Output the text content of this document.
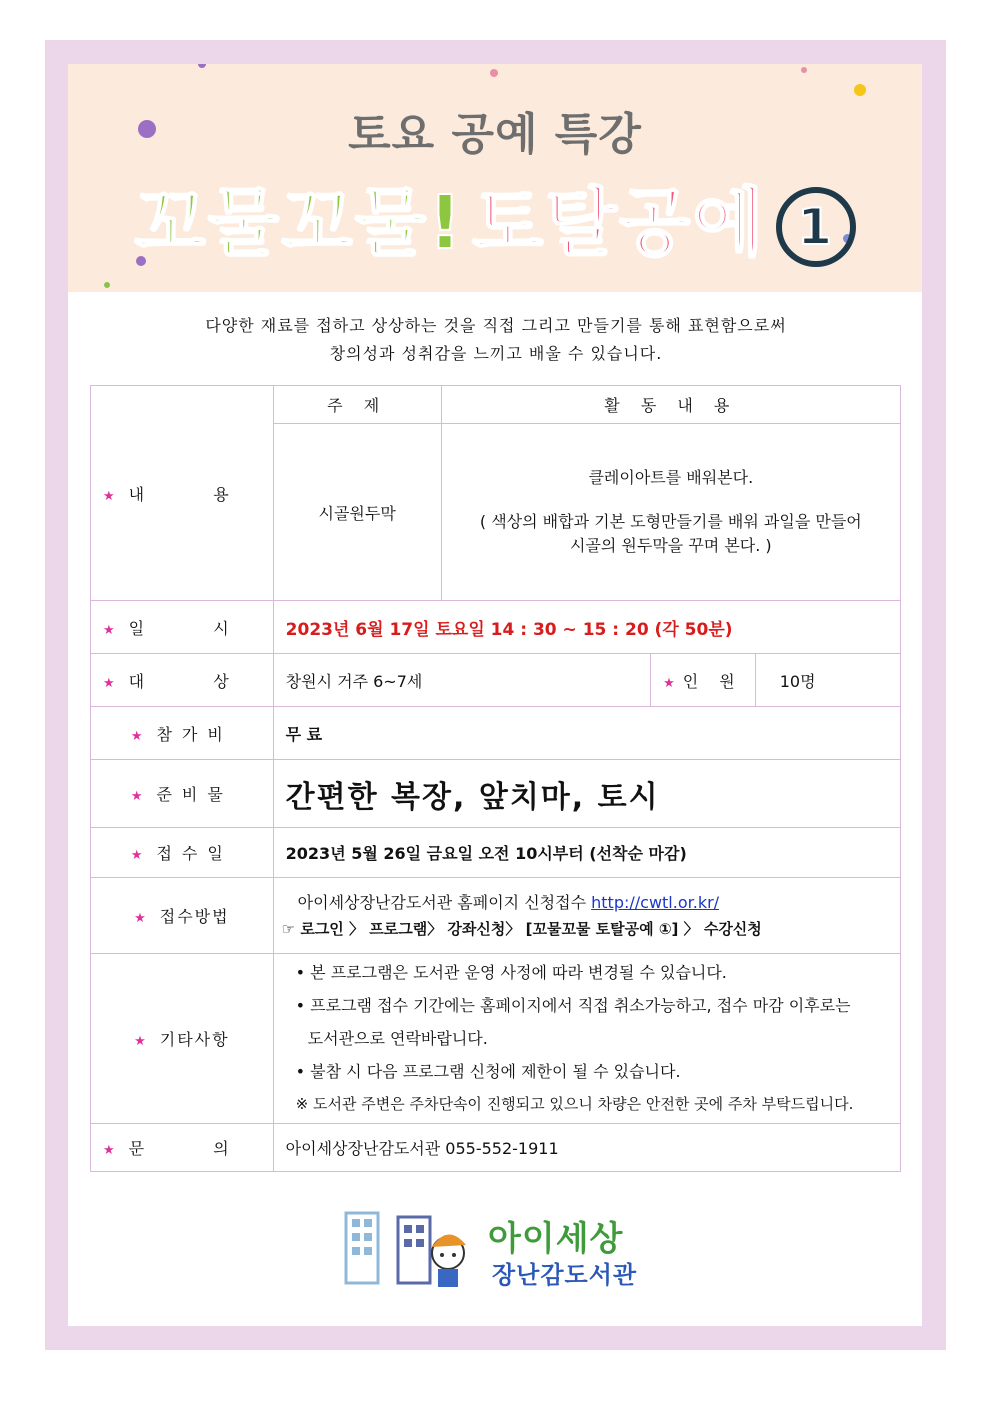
토요 공예 특강
꼬물꼬물! 토탈공예 1
다양한 재료를 접하고 상상하는 것을 직접 그리고 만들기를 통해 표현함으로써
창의성과 성취감을 느끼고 배울 수 있습니다.
★ 내 용	주 제	활 동 내 용		
	시골원두막	클레이아트를 배워본다.
( 색상의 배합과 기본 도형만들기를 배워 과일을 만들어
시골의 원두막을 꾸며 본다. )		

★ 일 시	2023년 6월 17일 토요일 14 : 30 ~ 15 : 20 (각 50분)			
★ 대 상	창원시 거주 6~7세		★ 인 원	10명
★ 참가비	무 료			
★ 준비물	간편한 복장, 앞치마, 토시			
★ 접수일	2023년 5월 26일 금요일 오전 10시부터 (선착순 마감)			
★ 접수방법	아이세상장난감도서관 홈페이지 신청접수 http://cwtl.or.kr/
☞ 로그인 〉 프로그램〉 강좌신청〉 [꼬물꼬물 토탈공예 ①] 〉 수강신청			

★ 기타사항	• 본 프로그램은 도서관 운영 사정에 따라 변경될 수 있습니다.

• 프로그램 접수 기간에는 홈페이지에서 직접 취소가능하고, 접수 마감 이후로는

도서관으로 연락바랍니다.

• 불참 시 다음 프로그램 신청에 제한이 될 수 있습니다.

※ 도서관 주변은 주차단속이 진행되고 있으니 차량은 안전한 곳에 주차 부탁드립니다.			

★ 문 의	아이세상장난감도서관 055-552-1911			
아이세상
장난감도서관
